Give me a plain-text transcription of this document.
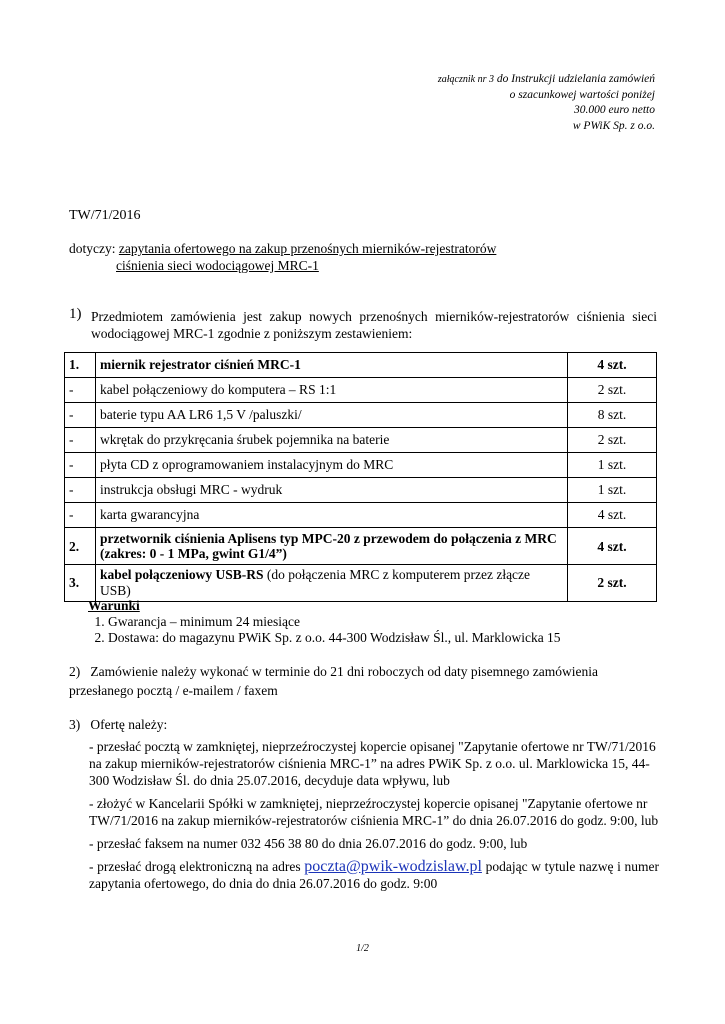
załącznik nr 3 do Instrukcji udzielania zamówień
o szacunkowej wartości poniżej
30.000 euro netto
w PWiK Sp. z o.o.
TW/71/2016
dotyczy: zapytania ofertowego na zakup przenośnych mierników-rejestratorów
ciśnienia sieci wodociągowej MRC-1
1) Przedmiotem zamówienia jest zakup nowych przenośnych mierników-rejestratorów ciśnienia sieci wodociągowej MRC-1 zgodnie z poniższym zestawieniem:
1.	miernik rejestrator ciśnień MRC-1	4 szt.
-	kabel połączeniowy do komputera – RS 1:1	2 szt.
-	baterie typu AA LR6 1,5 V /paluszki/	8 szt.
-	wkrętak do przykręcania śrubek pojemnika na baterie	2 szt.
-	płyta CD z oprogramowaniem instalacyjnym do MRC	1 szt.
-	instrukcja obsługi MRC - wydruk	1 szt.
-	karta gwarancyjna	4 szt.
2.	przetwornik ciśnienia Aplisens typ MPC-20 z przewodem do połączenia z MRC (zakres: 0 - 1 MPa, gwint G1/4”)	4 szt.
3.	kabel połączeniowy USB-RS (do połączenia MRC z komputerem przez złącze USB)	2 szt.
Warunki
1. Gwarancja – minimum 24 miesiące
2. Dostawa: do magazynu PWiK Sp. z o.o. 44-300 Wodzisław Śl., ul. Marklowicka 15
2) Zamówienie należy wykonać w terminie do 21 dni roboczych od daty pisemnego zamówienia przesłanego pocztą / e-mailem / faxem
3) Ofertę należy:
- przesłać pocztą w zamkniętej, nieprzeźroczystej kopercie opisanej "Zapytanie ofertowe nr TW/71/2016 na zakup mierników-rejestratorów ciśnienia MRC-1” na adres PWiK Sp. z o.o. ul. Marklowicka 15, 44-300 Wodzisław Śl. do dnia 25.07.2016, decyduje data wpływu, lub
- złożyć w Kancelarii Spółki w zamkniętej, nieprzeźroczystej kopercie opisanej "Zapytanie ofertowe nr TW/71/2016 na zakup mierników-rejestratorów ciśnienia MRC-1” do dnia 26.07.2016 do godz. 9:00, lub
- przesłać faksem na numer 032 456 38 80 do dnia 26.07.2016 do godz. 9:00, lub
- przesłać drogą elektroniczną na adres poczta@pwik-wodzislaw.pl podając w tytule nazwę i numer zapytania ofertowego, do dnia do dnia 26.07.2016 do godz. 9:00
1/2
